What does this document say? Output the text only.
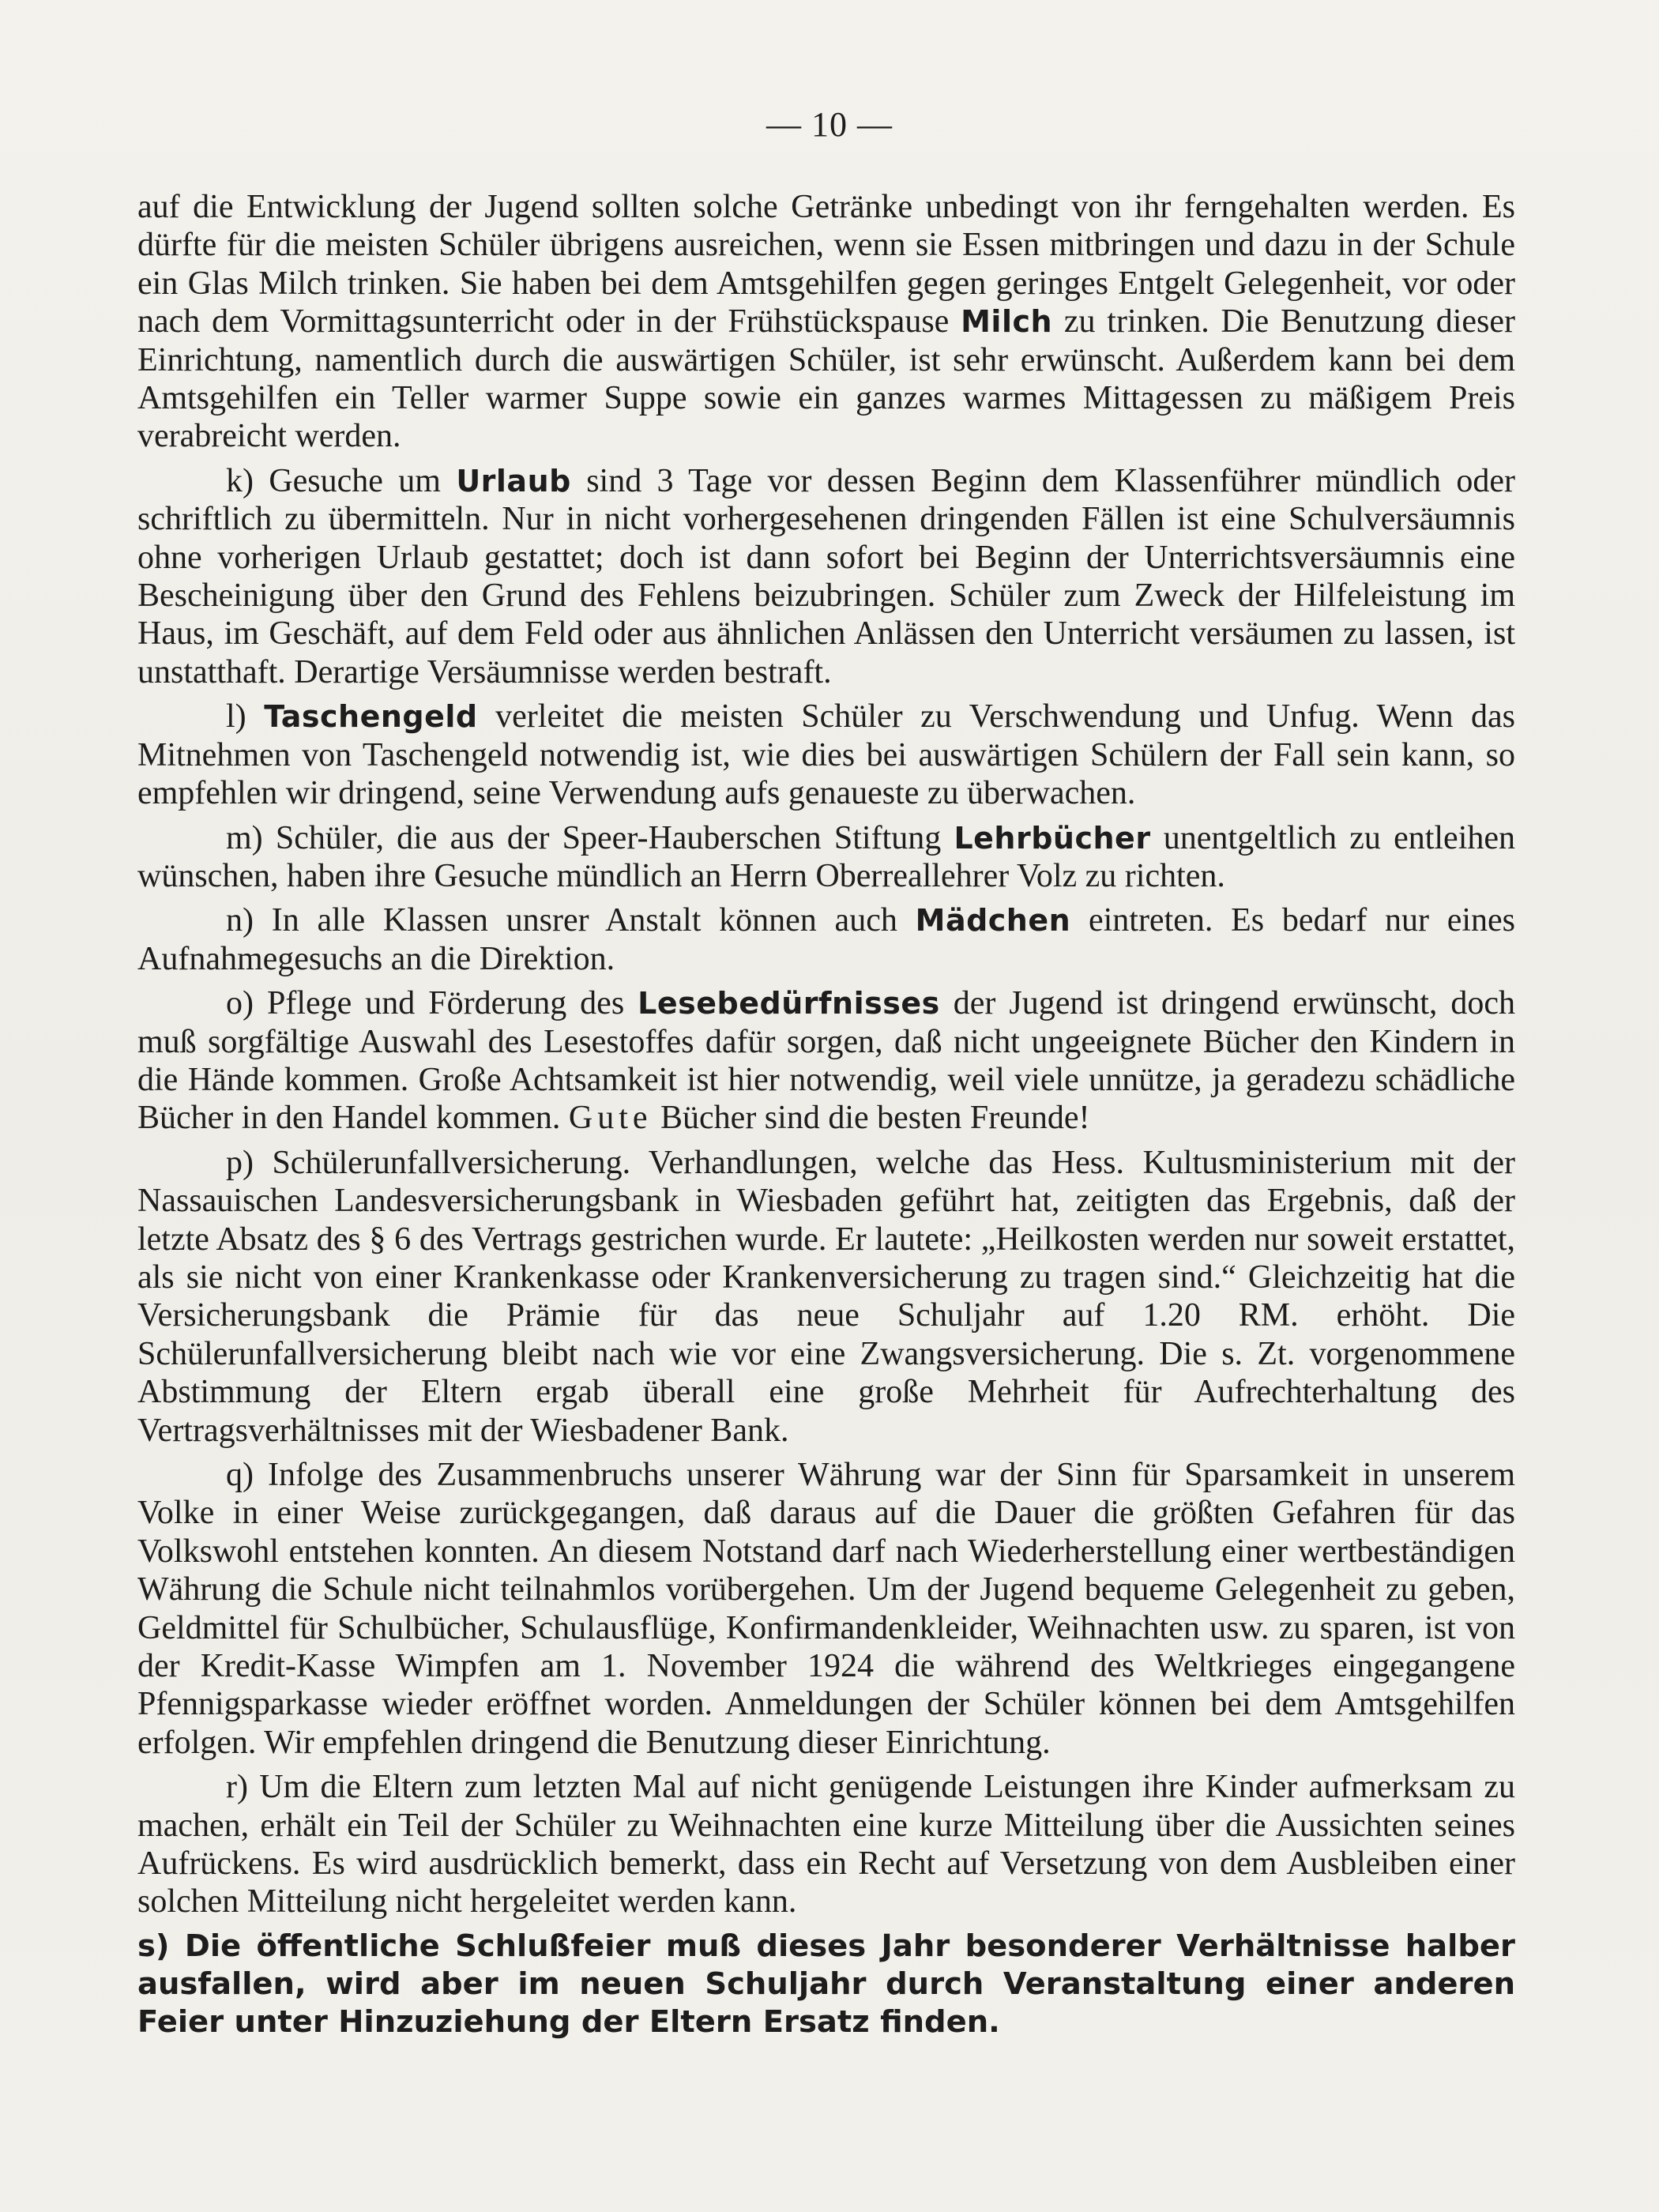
— 10 —

auf die Entwicklung der Jugend sollten solche Getränke unbedingt von ihr ferngehalten werden. Es dürfte für die meisten Schüler übrigens ausreichen, wenn sie Essen mitbringen und dazu in der Schule ein Glas Milch trinken. Sie haben bei dem Amtsgehilfen gegen geringes Entgelt Gelegenheit, vor oder nach dem Vormittagsunterricht oder in der Frühstückspause Milch zu trinken. Die Benutzung dieser Einrichtung, namentlich durch die auswärtigen Schüler, ist sehr erwünscht. Außerdem kann bei dem Amtsgehilfen ein Teller warmer Suppe sowie ein ganzes warmes Mittagessen zu mäßigem Preis verabreicht werden.

k) Gesuche um Urlaub sind 3 Tage vor dessen Beginn dem Klassenführer mündlich oder schriftlich zu übermitteln. Nur in nicht vorhergesehenen dringenden Fällen ist eine Schulversäumnis ohne vorherigen Urlaub gestattet; doch ist dann sofort bei Beginn der Unterrichtsversäumnis eine Bescheinigung über den Grund des Fehlens beizubringen. Schüler zum Zweck der Hilfeleistung im Haus, im Geschäft, auf dem Feld oder aus ähnlichen Anlässen den Unterricht versäumen zu lassen, ist unstatthaft. Derartige Versäumnisse werden bestraft.

l) Taschengeld verleitet die meisten Schüler zu Verschwendung und Unfug. Wenn das Mitnehmen von Taschengeld notwendig ist, wie dies bei auswärtigen Schülern der Fall sein kann, so empfehlen wir dringend, seine Verwendung aufs genaueste zu überwachen.

m) Schüler, die aus der Speer-Hauberschen Stiftung Lehrbücher unentgeltlich zu entleihen wünschen, haben ihre Gesuche mündlich an Herrn Oberreallehrer Volz zu richten.

n) In alle Klassen unsrer Anstalt können auch Mädchen eintreten. Es bedarf nur eines Aufnahmegesuchs an die Direktion.

o) Pflege und Förderung des Lesebedürfnisses der Jugend ist dringend erwünscht, doch muß sorgfältige Auswahl des Lesestoffes dafür sorgen, daß nicht ungeeignete Bücher den Kindern in die Hände kommen. Große Achtsamkeit ist hier notwendig, weil viele unnütze, ja geradezu schädliche Bücher in den Handel kommen. Gute Bücher sind die besten Freunde!

p) Schülerunfallversicherung. Verhandlungen, welche das Hess. Kultusministerium mit der Nassauischen Landesversicherungsbank in Wiesbaden geführt hat, zeitigten das Ergebnis, daß der letzte Absatz des § 6 des Vertrags gestrichen wurde. Er lautete: „Heilkosten werden nur soweit erstattet, als sie nicht von einer Krankenkasse oder Krankenversicherung zu tragen sind.“ Gleichzeitig hat die Versicherungsbank die Prämie für das neue Schuljahr auf 1.20 RM. erhöht. Die Schülerunfallversicherung bleibt nach wie vor eine Zwangsversicherung. Die s. Zt. vorgenommene Abstimmung der Eltern ergab überall eine große Mehrheit für Aufrechterhaltung des Vertragsverhältnisses mit der Wiesbadener Bank.

q) Infolge des Zusammenbruchs unserer Währung war der Sinn für Sparsamkeit in unserem Volke in einer Weise zurückgegangen, daß daraus auf die Dauer die größten Gefahren für das Volkswohl entstehen konnten. An diesem Notstand darf nach Wiederherstellung einer wertbeständigen Währung die Schule nicht teilnahmlos vorübergehen. Um der Jugend bequeme Gelegenheit zu geben, Geldmittel für Schulbücher, Schulausflüge, Konfirmandenkleider, Weihnachten usw. zu sparen, ist von der Kredit-Kasse Wimpfen am 1. November 1924 die während des Weltkrieges eingegangene Pfennigsparkasse wieder eröffnet worden. Anmeldungen der Schüler können bei dem Amtsgehilfen erfolgen. Wir empfehlen dringend die Benutzung dieser Einrichtung.

r) Um die Eltern zum letzten Mal auf nicht genügende Leistungen ihre Kinder aufmerksam zu machen, erhält ein Teil der Schüler zu Weihnachten eine kurze Mitteilung über die Aussichten seines Aufrückens. Es wird ausdrücklich bemerkt, dass ein Recht auf Versetzung von dem Ausbleiben einer solchen Mitteilung nicht hergeleitet werden kann.

s) Die öffentliche Schlußfeier muß dieses Jahr besonderer Verhältnisse halber ausfallen, wird aber im neuen Schuljahr durch Veranstaltung einer anderen Feier unter Hinzuziehung der Eltern Ersatz finden.
